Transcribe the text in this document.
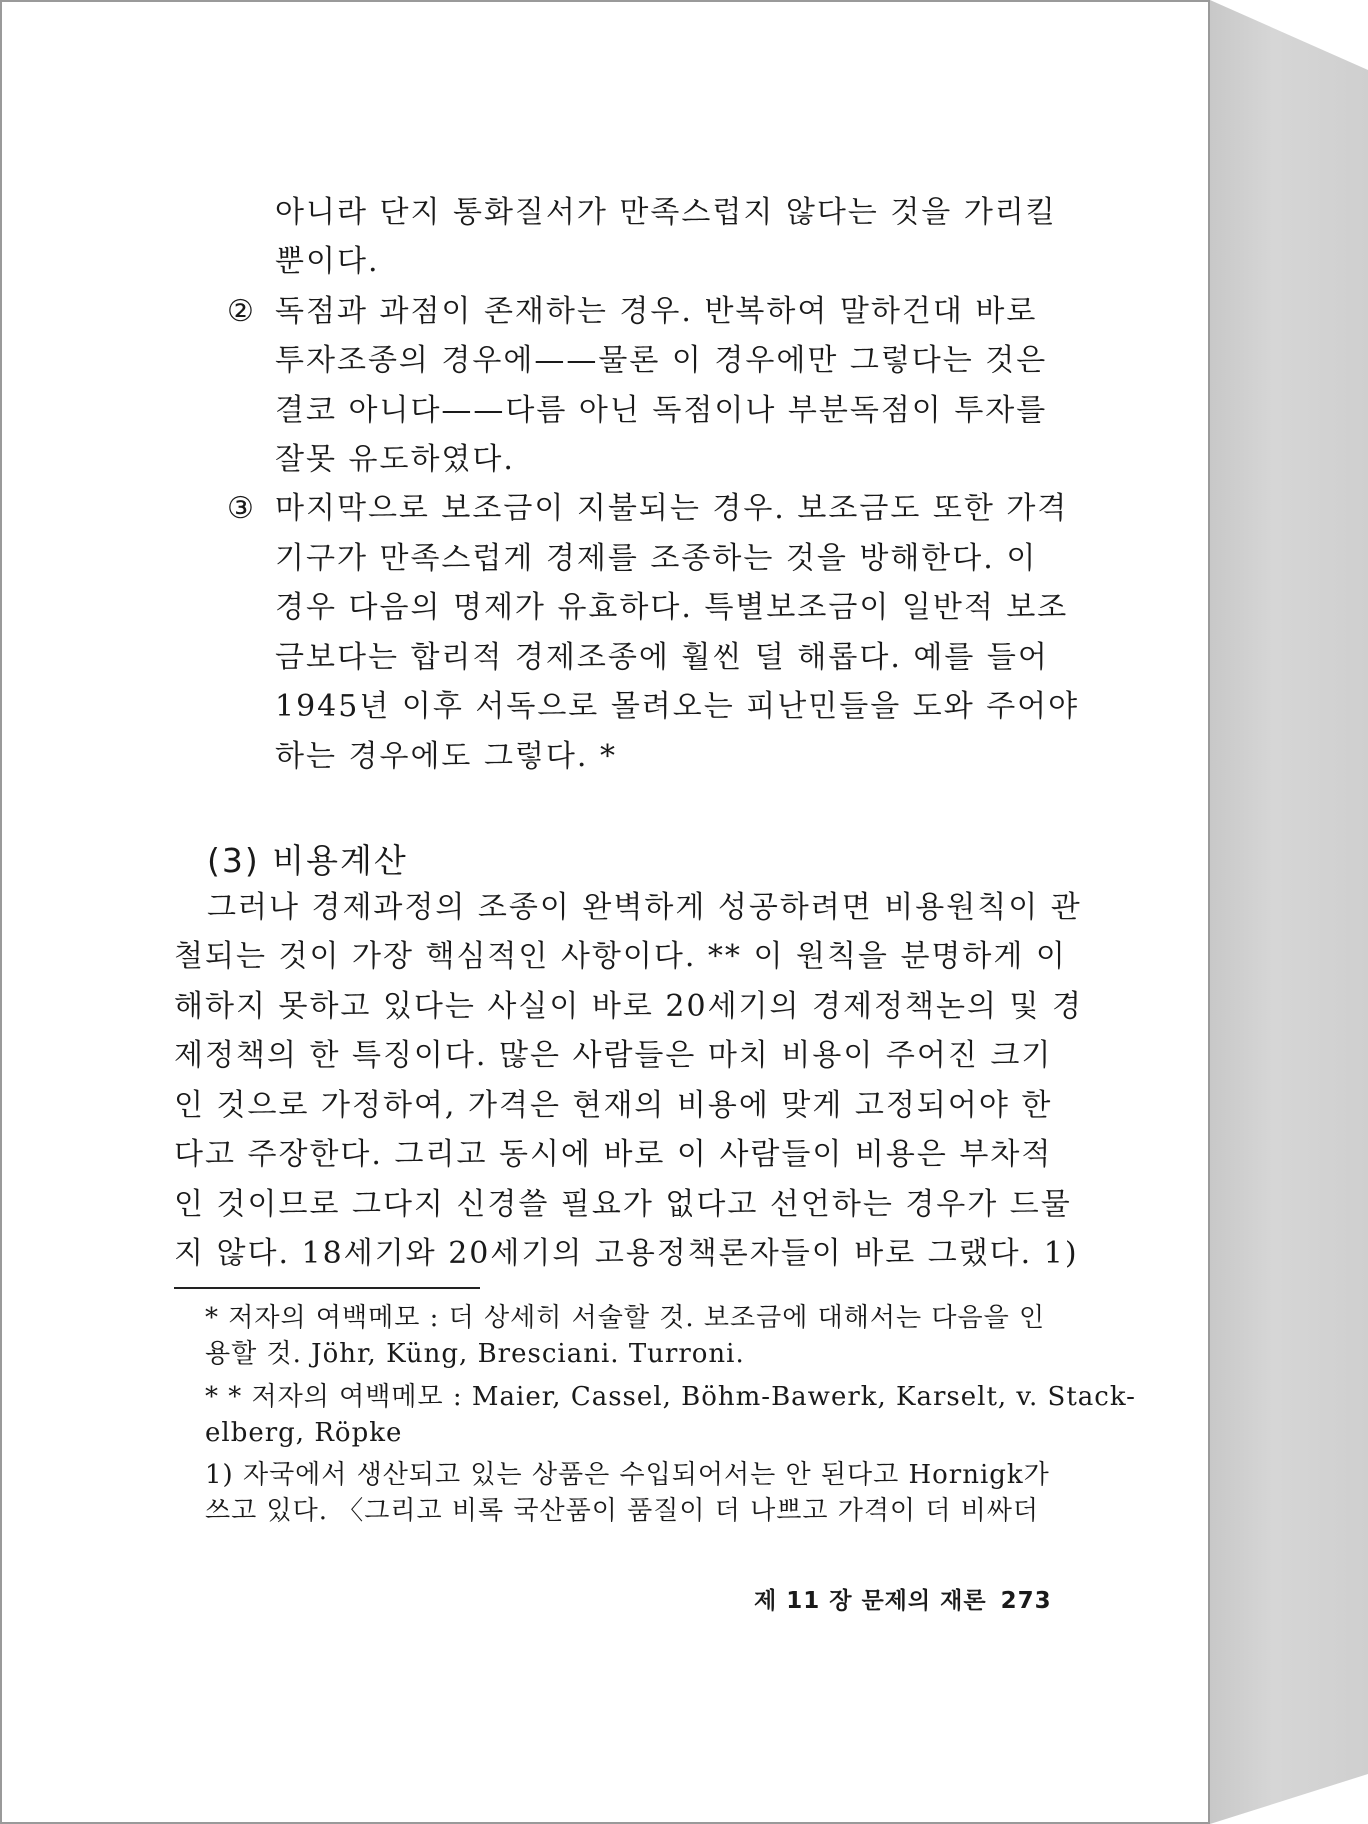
아니라 단지 통화질서가 만족스럽지 않다는 것을 가리킬
뿐이다.
② 독점과 과점이 존재하는 경우. 반복하여 말하건대 바로
투자조종의 경우에——물론 이 경우에만 그렇다는 것은
결코 아니다——다름 아닌 독점이나 부분독점이 투자를
잘못 유도하였다.
③ 마지막으로 보조금이 지불되는 경우. 보조금도 또한 가격
기구가 만족스럽게 경제를 조종하는 것을 방해한다. 이
경우 다음의 명제가 유효하다. 특별보조금이 일반적 보조
금보다는 합리적 경제조종에 훨씬 덜 해롭다. 예를 들어
1945년 이후 서독으로 몰려오는 피난민들을 도와 주어야
하는 경우에도 그렇다. *
(3) 비용계산
그러나 경제과정의 조종이 완벽하게 성공하려면 비용원칙이 관
철되는 것이 가장 핵심적인 사항이다. ** 이 원칙을 분명하게 이
해하지 못하고 있다는 사실이 바로 20세기의 경제정책논의 및 경
제정책의 한 특징이다. 많은 사람들은 마치 비용이 주어진 크기
인 것으로 가정하여, 가격은 현재의 비용에 맞게 고정되어야 한
다고 주장한다. 그리고 동시에 바로 이 사람들이 비용은 부차적
인 것이므로 그다지 신경쓸 필요가 없다고 선언하는 경우가 드물
지 않다. 18세기와 20세기의 고용정책론자들이 바로 그랬다. 1)
* 저자의 여백메모 : 더 상세히 서술할 것. 보조금에 대해서는 다음을 인
용할 것. Jöhr, Küng, Bresciani. Turroni.
* * 저자의 여백메모 : Maier, Cassel, Böhm-Bawerk, Karselt, v. Stack-
elberg, Röpke
1) 자국에서 생산되고 있는 상품은 수입되어서는 안 된다고 Hornigk가
쓰고 있다. 〈그리고 비록 국산품이 품질이 더 나쁘고 가격이 더 비싸더
제 11 장 문제의 재론 273
